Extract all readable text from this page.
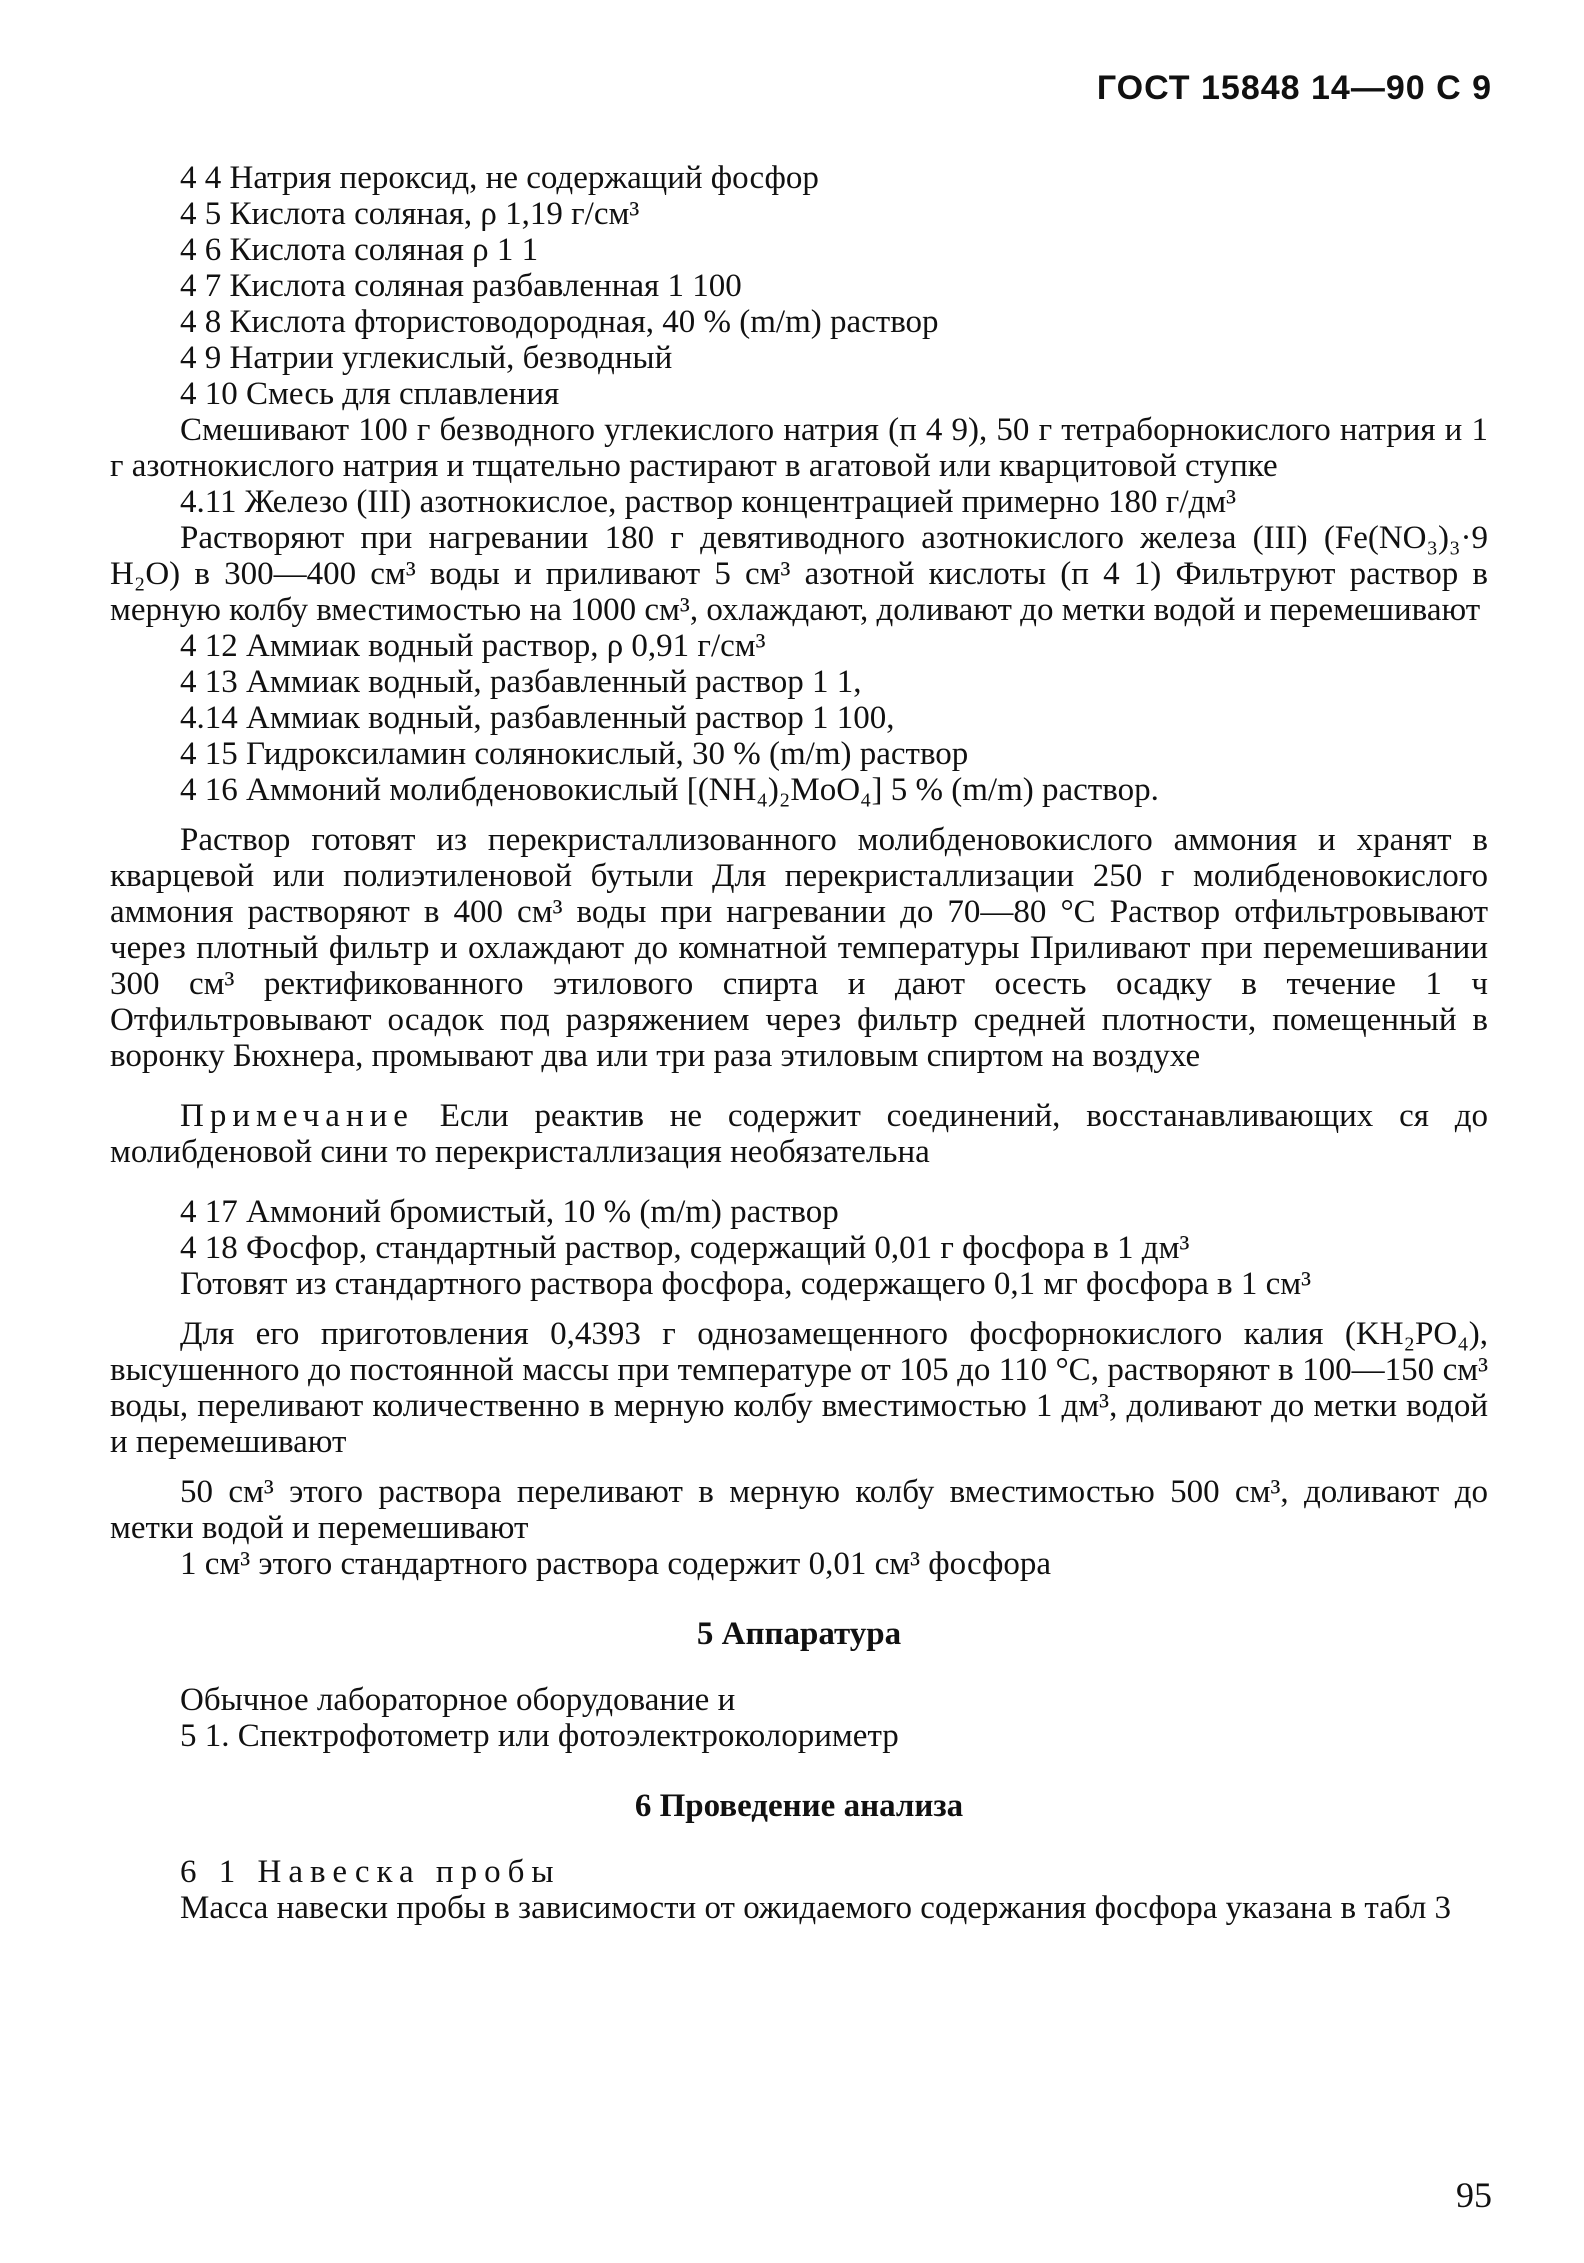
ГОСТ 15848 14—90 С 9
4 4 Натрия пероксид, не содержащий фосфор
4 5 Кислота соляная, ρ 1,19 г/см³
4 6 Кислота соляная ρ 1 1
4 7 Кислота соляная разбавленная 1 100
4 8 Кислота фтористоводородная, 40 % (m/m) раствор
4 9 Натрии углекислый, безводный
4 10 Смесь для сплавления
Смешивают 100 г безводного углекислого натрия (п 4 9), 50 г тетраборнокислого натрия и 1 г азотнокислого натрия и тщательно растирают в агатовой или кварцитовой ступке
4.11 Железо (III) азотнокислое, раствор концентрацией примерно 180 г/дм³
Растворяют при нагревании 180 г девятиводного азотнокислого железа (III) (Fe(NO₃)₃·9 H₂O) в 300—400 см³ воды и приливают 5 см³ азотной кислоты (п 4 1) Фильтруют раствор в мерную колбу вместимостью на 1000 см³, охлаждают, доливают до метки водой и перемешивают
4 12 Аммиак водный раствор, ρ 0,91 г/см³
4 13 Аммиак водный, разбавленный раствор 1 1,
4.14 Аммиак водный, разбавленный раствор 1 100,
4 15 Гидроксиламин солянокислый, 30 % (m/m) раствор
4 16 Аммоний молибденовокислый [(NH₄)₂MoO₄] 5 % (m/m) раствор.
Раствор готовят из перекристаллизованного молибденовокислого аммония и хранят в кварцевой или полиэтиленовой бутыли Для перекристаллизации 250 г молибденовокислого аммония растворяют в 400 см³ воды при нагревании до 70—80 °С Раствор отфильтровывают через плотный фильтр и охлаждают до комнатной температуры Приливают при перемешивании 300 см³ ректификованного этилового спирта и дают осесть осадку в течение 1 ч Отфильтровывают осадок под разряжением через фильтр средней плотности, помещенный в воронку Бюхнера, промывают два или три раза этиловым спиртом на воздухе
Примечание Если реактив не содержит соединений, восстанавливающих ся до молибденовой сини то перекристаллизация необязательна
4 17 Аммоний бромистый, 10 % (m/m) раствор
4 18 Фосфор, стандартный раствор, содержащий 0,01 г фосфора в 1 дм³
Готовят из стандартного раствора фосфора, содержащего 0,1 мг фосфора в 1 см³
Для его приготовления 0,4393 г однозамещенного фосфорнокислого калия (KH₂PO₄), высушенного до постоянной массы при температуре от 105 до 110 °С, растворяют в 100—150 см³ воды, переливают количественно в мерную колбу вместимостью 1 дм³, доливают до метки водой и перемешивают
50 см³ этого раствора переливают в мерную колбу вместимостью 500 см³, доливают до метки водой и перемешивают
1 см³ этого стандартного раствора содержит 0,01 см³ фосфора
5 Аппаратура
Обычное лабораторное оборудование и
5 1. Спектрофотометр или фотоэлектроколориметр
6 Проведение анализа
6 1 Навеска пробы
Масса навески пробы в зависимости от ожидаемого содержания фосфора указана в табл 3
95
